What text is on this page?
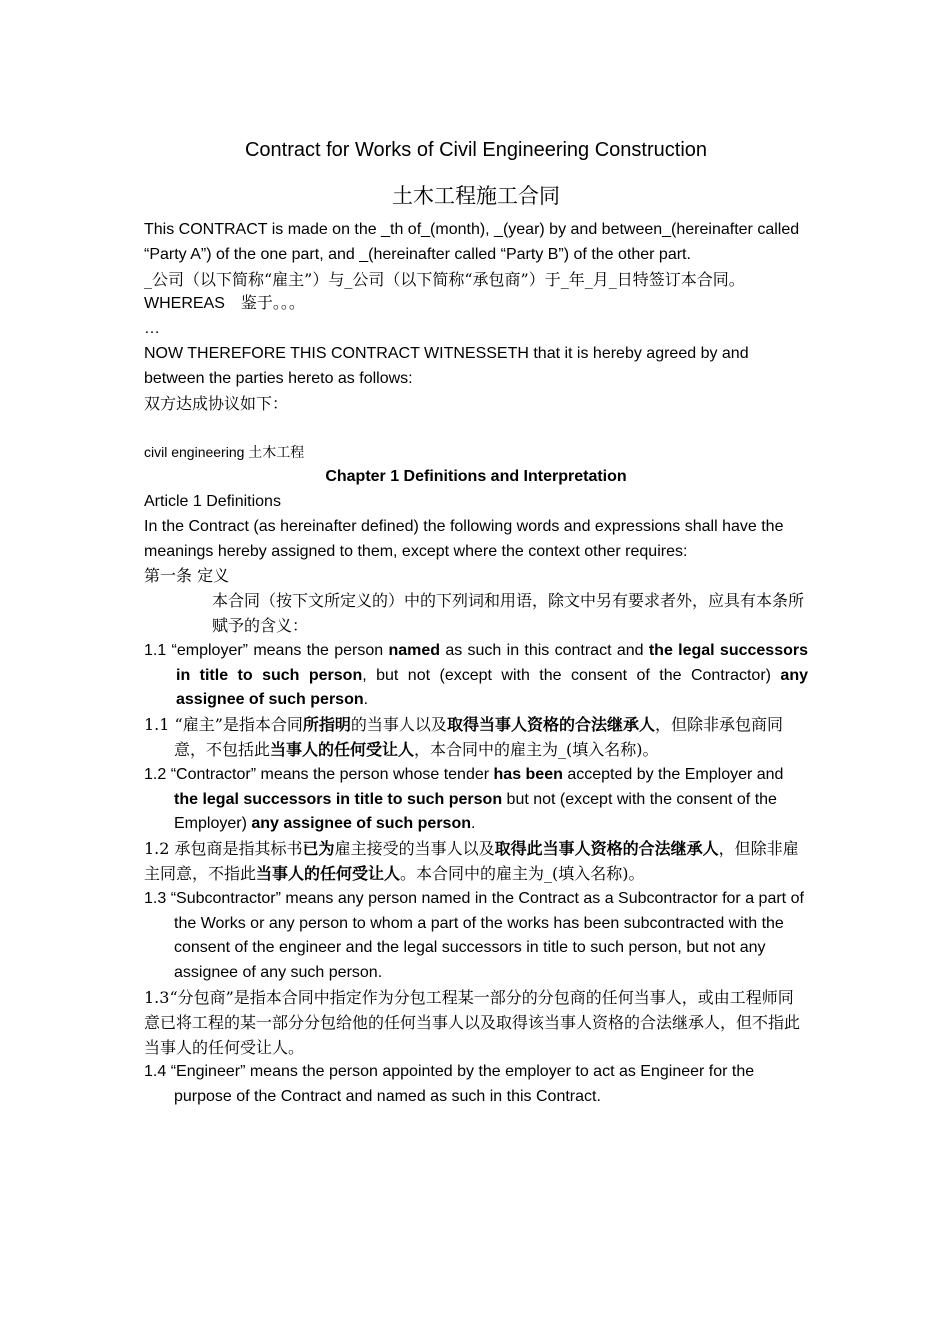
Contract for Works of Civil Engineering Construction

土木工程施工合同

This CONTRACT is made on the _th of_(month), _(year) by and between_(hereinafter called “Party A”) of the one part, and _(hereinafter called “Party B”) of the other part.

_公司（以下简称“雇主”）与_公司（以下简称“承包商”）于_年_月_日特签订本合同。

WHEREAS　鉴于。。。

…

NOW THEREFORE THIS CONTRACT WITNESSETH that it is hereby agreed by and between the parties hereto as follows:

双方达成协议如下：

civil engineering 土木工程

Chapter 1 Definitions and Interpretation

Article 1 Definitions

In the Contract (as hereinafter defined) the following words and expressions shall have the meanings hereby assigned to them, except where the context other requires:

第一条 定义

本合同（按下文所定义的）中的下列词和用语，除文中另有要求者外，应具有本条所赋予的含义：

1.1 “employer” means the person named as such in this contract and the legal successors in title to such person, but not (except with the consent of the Contractor) any assignee of such person.

1.1 “雇主”是指本合同所指明的当事人以及取得当事人资格的合法继承人，但除非承包商同意，不包括此当事人的任何受让人，本合同中的雇主为_(填入名称)。

1.2 “Contractor” means the person whose tender has been accepted by the Employer and the legal successors in title to such person but not (except with the consent of the Employer) any assignee of such person.

1.2 承包商是指其标书已为雇主接受的当事人以及取得此当事人资格的合法继承人，但除非雇主同意，不指此当事人的任何受让人。本合同中的雇主为_(填入名称)。

1.3 “Subcontractor” means any person named in the Contract as a Subcontractor for a part of the Works or any person to whom a part of the works has been subcontracted with the consent of the engineer and the legal successors in title to such person, but not any assignee of any such person.

1.3“分包商”是指本合同中指定作为分包工程某一部分的分包商的任何当事人，或由工程师同意已将工程的某一部分分包给他的任何当事人以及取得该当事人资格的合法继承人，但不指此当事人的任何受让人。

1.4 “Engineer” means the person appointed by the employer to act as Engineer for the purpose of the Contract and named as such in this Contract.
